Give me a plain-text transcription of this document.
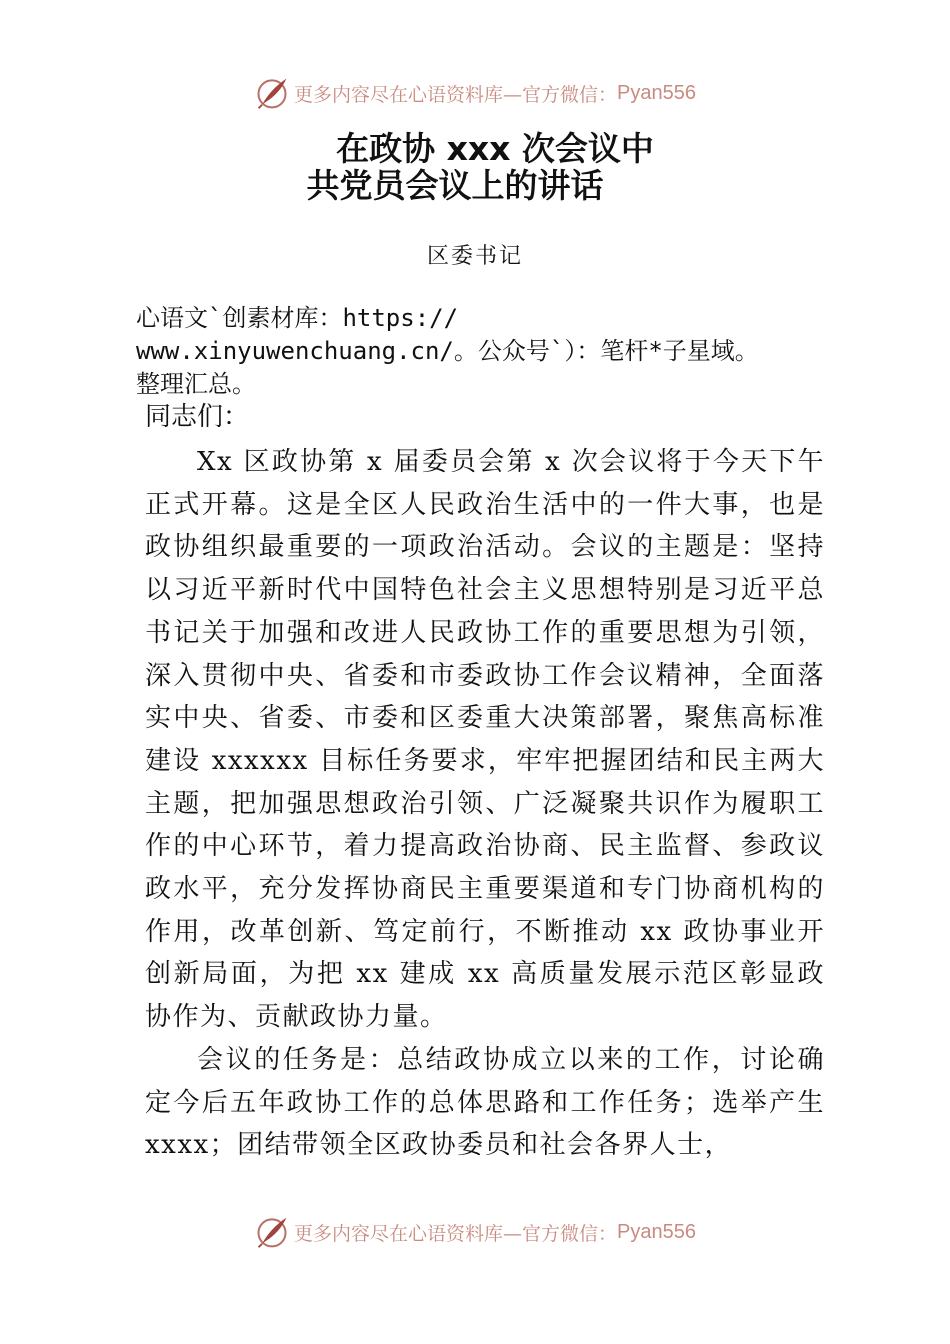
更多内容尽在心语资料库—官方微信： Pyan556
在政协 xxx 次会议中
共党员会议上的讲话
区委书记
心语文`创素材库：https://
www.xinyuwenchuang.cn/。公众号`）：笔杆*子星域。
整理汇总。
同志们：

Xx 区政协第 x 届委员会第 x 次会议将于今天下午正式开幕。这是全区人民政治生活中的一件大事，也是政协组织最重要的一项政治活动。会议的主题是：坚持以习近平新时代中国特色社会主义思想特别是习近平总书记关于加强和改进人民政协工作的重要思想为引领，深入贯彻中央、省委和市委政协工作会议精神，全面落实中央、省委、市委和区委重大决策部署，聚焦高标准建设 xxxxxx 目标任务要求，牢牢把握团结和民主两大主题，把加强思想政治引领、广泛凝聚共识作为履职工作的中心环节，着力提高政治协商、民主监督、参政议政水平，充分发挥协商民主重要渠道和专门协商机构的作用，改革创新、笃定前行，不断推动 xx 政协事业开创新局面，为把 xx 建成 xx 高质量发展示范区彰显政协作为、贡献政协力量。

会议的任务是：总结政协成立以来的工作，讨论确定今后五年政协工作的总体思路和工作任务；选举产生 xxxx；团结带领全区政协委员和社会各界人士，

更多内容尽在心语资料库—官方微信： Pyan556
